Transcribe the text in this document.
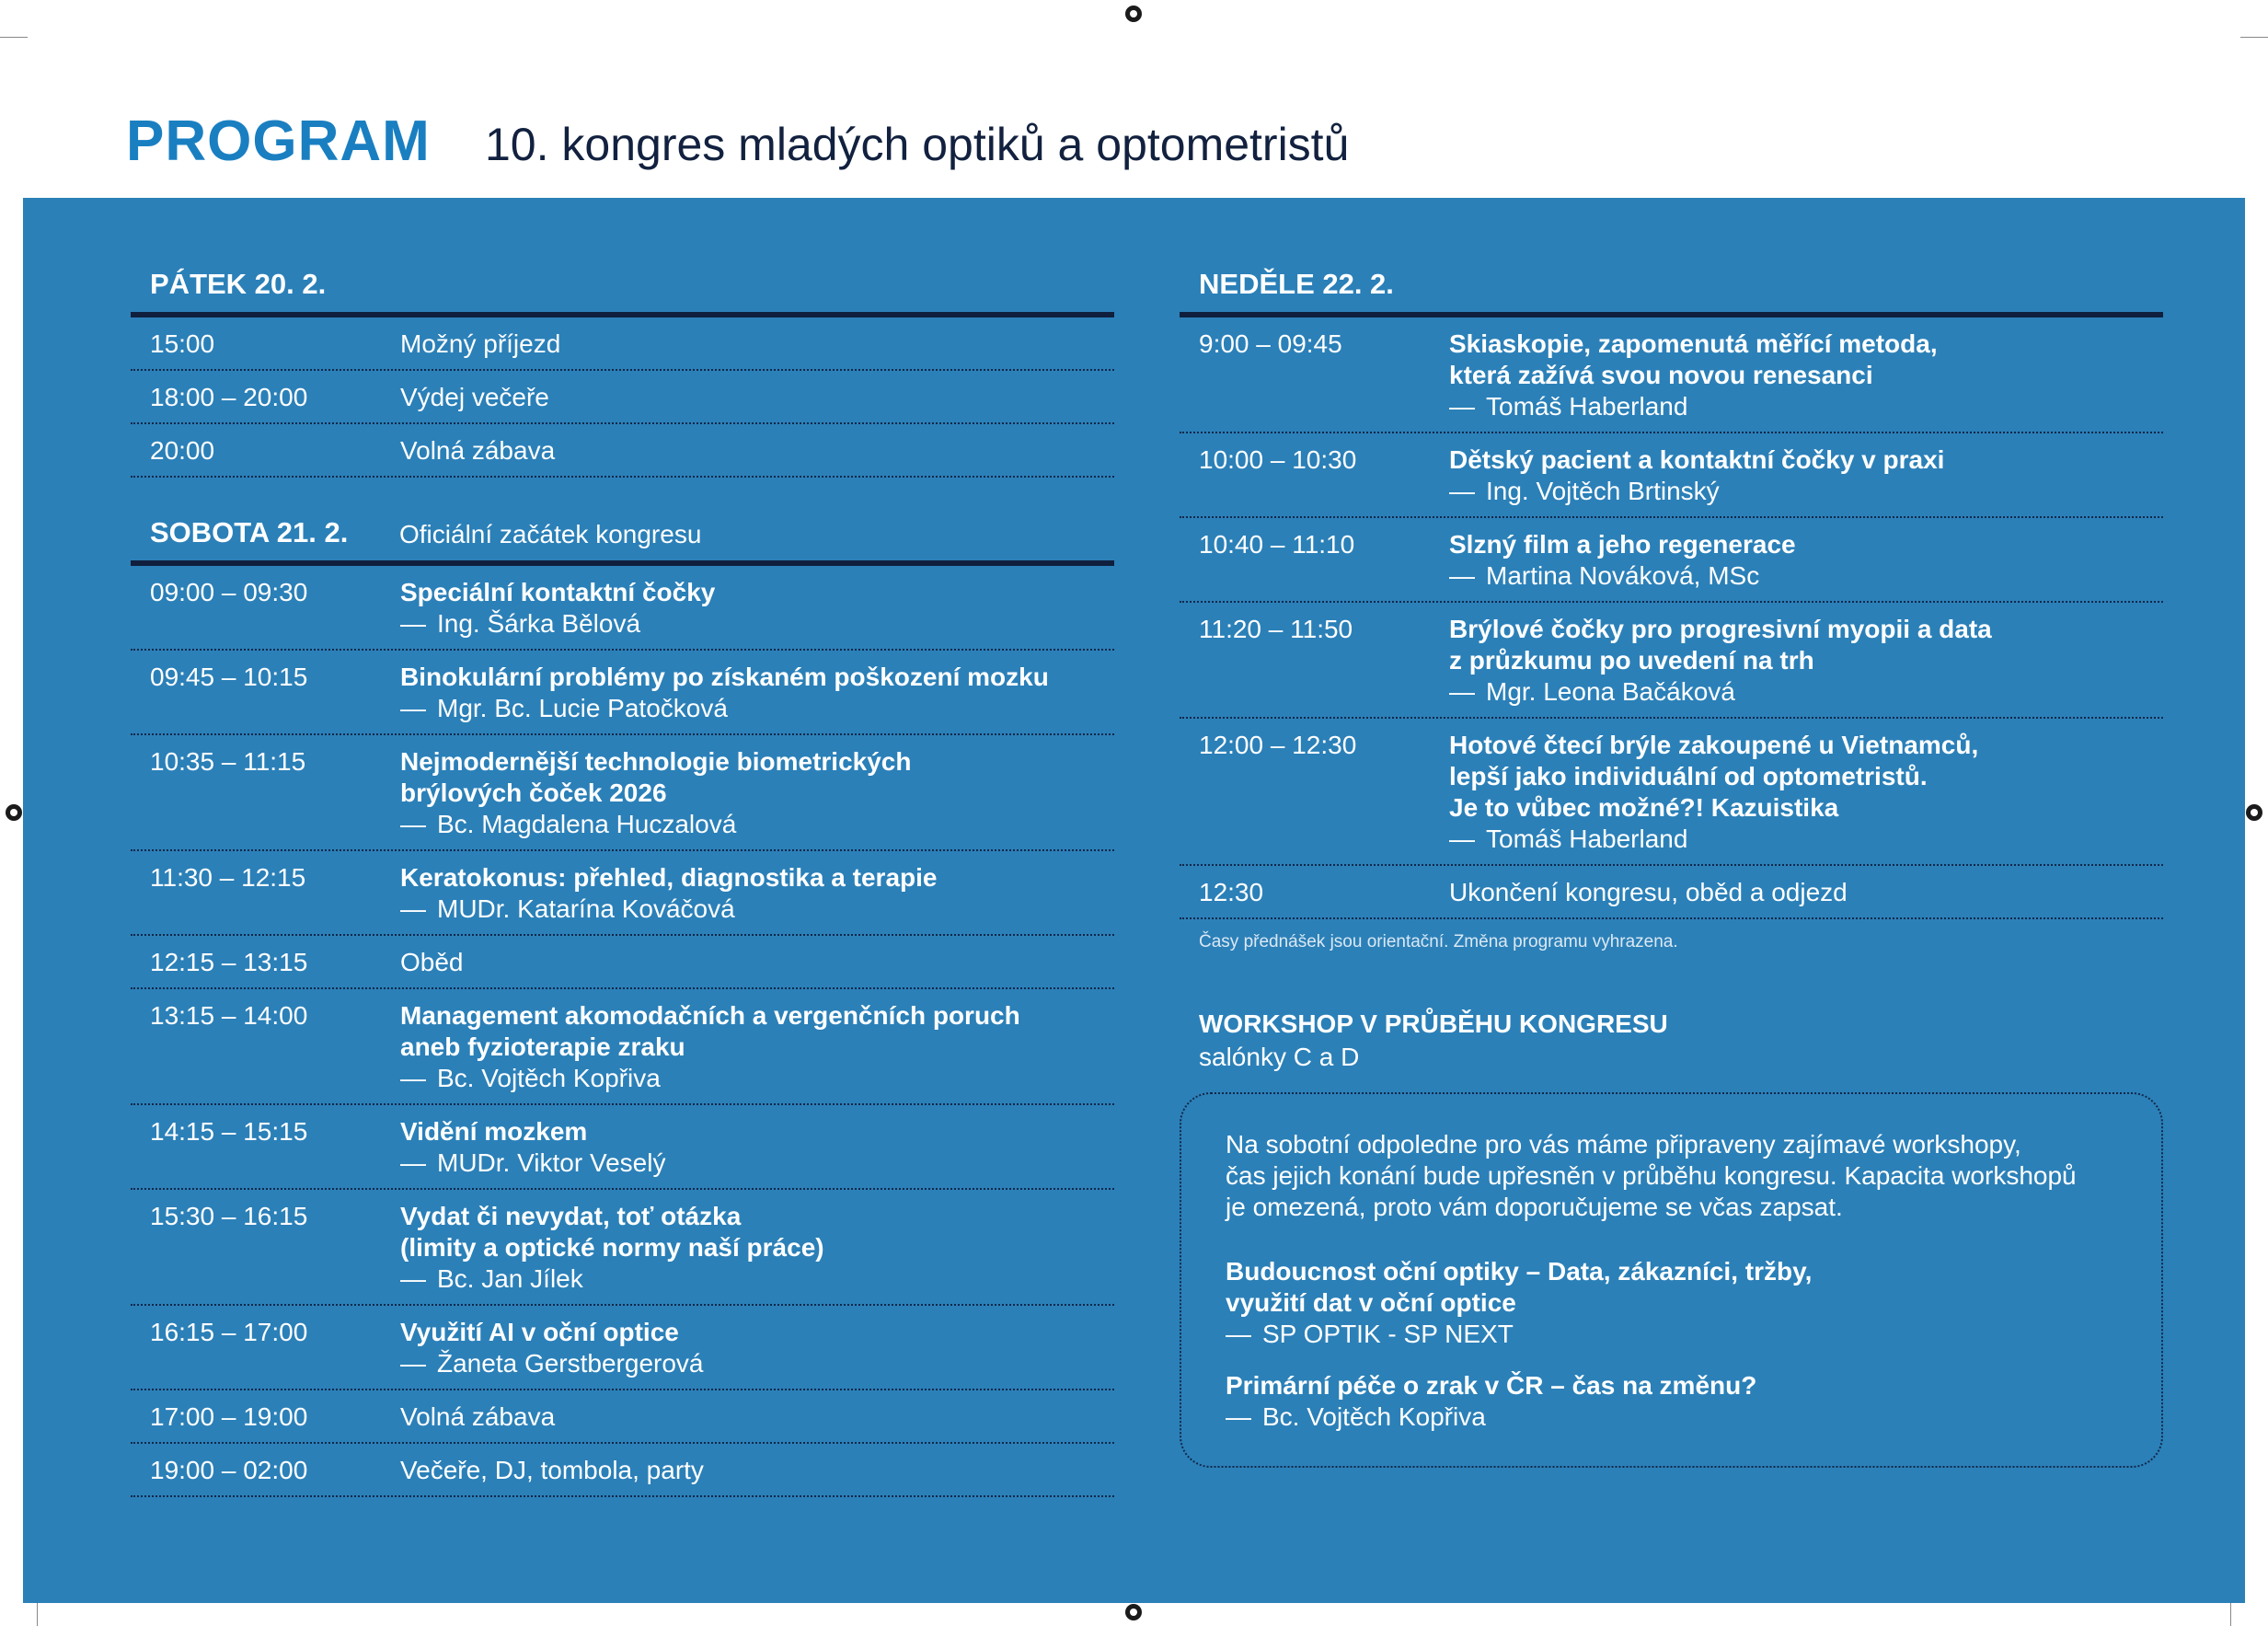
PROGRAM 10. kongres mladých optiků a optometristů
PÁTEK 20. 2.
15:00	Možný příjezd
18:00 – 20:00	Výdej večeře
20:00	Volná zábava
SOBOTA 21. 2. Oficiální začátek kongresu
09:00 – 09:30	Speciální kontaktní čočky
— Ing. Šárka Bělová
09:45 – 10:15	Binokulární problémy po získaném poškození mozku
— Mgr. Bc. Lucie Patočková
10:35 – 11:15	Nejmodernější technologie biometrických
brýlových čoček 2026
— Bc. Magdalena Huczalová
11:30 – 12:15	Keratokonus: přehled, diagnostika a terapie
— MUDr. Katarína Kováčová
12:15 – 13:15	Oběd
13:15 – 14:00	Management akomodačních a vergenčních poruch
aneb fyzioterapie zraku
— Bc. Vojtěch Kopřiva
14:15 – 15:15	Vidění mozkem
— MUDr. Viktor Veselý
15:30 – 16:15	Vydat či nevydat, toť otázka
(limity a optické normy naší práce)
— Bc. Jan Jílek
16:15 – 17:00	Využití AI v oční optice
— Žaneta Gerstbergerová
17:00 – 19:00	Volná zábava
19:00 – 02:00	Večeře, DJ, tombola, party
NEDĚLE 22. 2.
9:00 – 09:45	Skiaskopie, zapomenutá měřící metoda,
která zažívá svou novou renesanci
— Tomáš Haberland
10:00 – 10:30	Dětský pacient a kontaktní čočky v praxi
— Ing. Vojtěch Brtinský
10:40 – 11:10	Slzný film a jeho regenerace
— Martina Nováková, MSc
11:20 – 11:50	Brýlové čočky pro progresivní myopii a data
z průzkumu po uvedení na trh
— Mgr. Leona Bačáková
12:00 – 12:30	Hotové čtecí brýle zakoupené u Vietnamců,
lepší jako individuální od optometristů.
Je to vůbec možné?! Kazuistika
— Tomáš Haberland
12:30	Ukončení kongresu, oběd a odjezd
Časy přednášek jsou orientační. Změna programu vyhrazena.
WORKSHOP V PRŮBĚHU KONGRESU
salónky C a D

Na sobotní odpoledne pro vás máme připraveny zajímavé workshopy,

čas jejich konání bude upřesněn v průběhu kongresu. Kapacita workshopů

je omezená, proto vám doporučujeme se včas zapsat.

Budoucnost oční optiky – Data, zákazníci, tržby,
využití dat v oční optice
— SP OPTIK - SP NEXT
Primární péče o zrak v ČR – čas na změnu?
— Bc. Vojtěch Kopřiva
